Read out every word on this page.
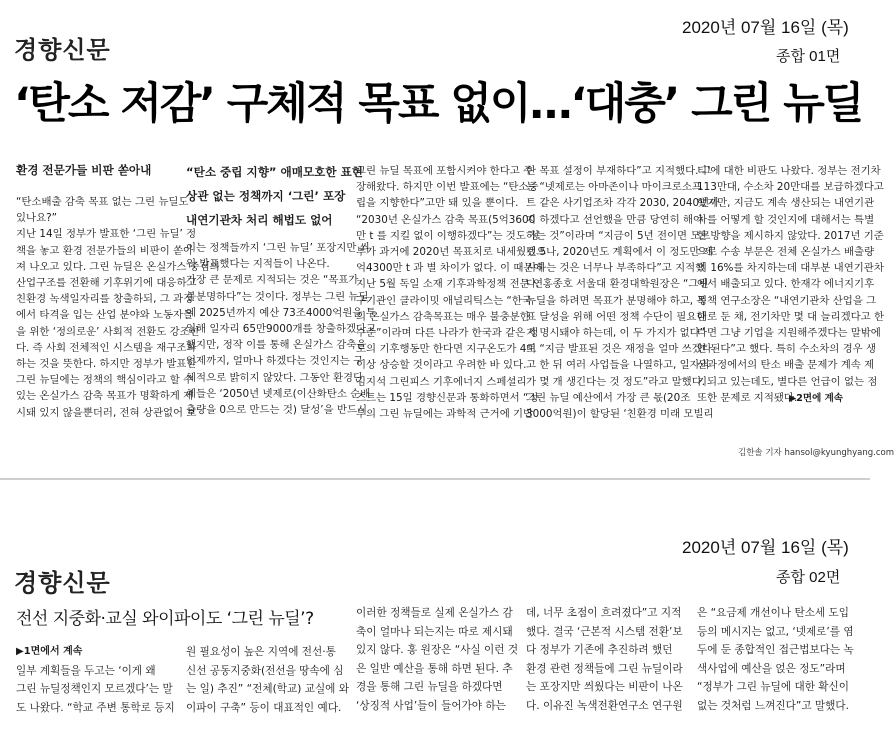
2020년 07월 16일 (목)
경향신문	종합 01면
‘탄소 저감’ 구체적 목표 없이…‘대충’ 그린 뉴딜

환경 전문가들 비판 쏟아내

“탄소배출 감축 목표 없는 그린 뉴딜도

있나요?”

지난 14일 정부가 발표한 ‘그린 뉴딜’ 정

책을 놓고 환경 전문가들의 비판이 쏟아

져 나오고 있다. 그린 뉴딜은 온실가스 중심의

산업구조를 전환해 기후위기에 대응하고

친환경 녹색일자리를 창출하되, 그 과정

에서 타격을 입는 산업 분야와 노동자들

을 위한 ‘정의로운’ 사회적 전환도 강조한

다. 즉 사회 전체적인 시스템을 재구조화

하는 것을 뜻한다. 하지만 정부가 발표한

그린 뉴딜에는 정책의 핵심이라고 할 수

있는 온실가스 감축 목표가 명확하게 제

시돼 있지 않을뿐더러, 전혀 상관없어 보

“탄소 중립 지향” 애매모호한 표현

상관 없는 정책까지 ‘그린’ 포장

내연기관차 처리 해법도 없어

이는 정책들까지 ‘그린 뉴딜’ 포장지만 씌

워 발표했다는 지적들이 나온다.

가장 큰 문제로 지적되는 것은 “목표가

불분명하다”는 것이다. 정부는 그린 뉴딜

에 2025년까지 예산 73조4000억원을 투

입해 일자리 65만9000개를 창출하겠다고

했지만, 정작 이를 통해 온실가스 감축을

언제까지, 얼마나 하겠다는 것인지는 구

체적으로 밝히지 않았다. 그동안 환경단

체들은 ‘2050년 넷제로(이산화탄소 순배

출량을 0으로 만드는 것) 달성’을 반드시

그린 뉴딜 목표에 포함시켜야 한다고 주

장해왔다. 하지만 이번 발표에는 “탄소중

립을 지향한다”고만 돼 있을 뿐이다.

“2030년 온실가스 감축 목표(5억3600

만 t 를 지킬 없이 이행하겠다”는 것도 정

부가 과거에 2020년 목표치로 내세웠던 5

억4300만 t 과 별 차이가 없다. 이 때문에

지난 5월 독일 소재 기후과학정책 전문 연

구기관인 클라이밋 애널리틱스는 “한국

의 온실가스 감축목표는 매우 불충분한

수준”이라며 다른 나라가 한국과 같은 정

도의 기후행동만 한다면 지구온도가 4도

이상 상승할 것이라고 우려한 바 있다.

김지석 그린피스 기후에너지 스페셜리

스트는 15일 경향신문과 통화하면서 “정

부의 그린 뉴딜에는 과학적 근거에 기반

한 목표 설정이 부재하다”고 지적했다. 그

는 “넷제로는 아마존이나 마이크로소프

트 같은 사기업조차 각각 2030, 2040년까

지 하겠다고 선언했을 만큼 당연히 해야

하는 것”이라며 “지금이 5년 전이면 모르

겠으나, 2020년도 계획에서 이 정도만 제

시하는 것은 너무나 부족하다”고 지적했

다. 홍종호 서울대 환경대학원장은 “그린

뉴딜을 하려면 목표가 분명해야 하고, 목

표 달성을 위해 어떤 정책 수단이 필요한

지 명시돼야 하는데, 이 두 가지가 없다”

며 “지금 발표된 것은 재정을 얼마 쓰겠다

고 한 뒤 여러 사업들을 나열하고, 일자리

가 몇 개 생긴다는 것 정도”라고 말했다.

그린 뉴딜 예산에서 가장 큰 몫(20조

3000억원)이 할당된 ‘친환경 미래 모빌리

티’에 대한 비판도 나왔다. 정부는 전기차

113만대, 수소차 20만대를 보급하겠다고

했지만, 지금도 계속 생산되는 내연기관

차를 어떻게 할 것인지에 대해서는 특별

한 방향을 제시하지 않았다. 2017년 기준

으로 수송 부문은 전체 온실가스 배출량

의 16%를 차지하는데 대부분 내연기관차

에서 배출되고 있다. 한재각 에너지기후

정책 연구소장은 “내연기관차 산업을 그

대로 둔 채, 전기차만 몇 대 늘리겠다고 한

다면 그냥 기업을 지원해주겠다는 말밖에

안 된다”고 했다. 특히 수소차의 경우 생

산과정에서의 탄소 배출 문제가 계속 제

기되고 있는데도, 별다른 언급이 없는 점

또한 문제로 지적됐다.

▶2면에 계속
김한솔 기자 hansol@kyunghyang.com
2020년 07월 16일 (목)
경향신문	종합 02면
전선 지중화·교실 와이파이도 ‘그린 뉴딜’?

▶1면에서 계속

일부 계획들을 두고는 ‘이게 왜

그린 뉴딜정책인지 모르겠다’는 말

도 나왔다. “학교 주변 통학로 등지

원 필요성이 높은 지역에 전선·통

신선 공동지중화(전선을 땅속에 심

는 일) 추진” “전체(학교) 교실에 와

이파이 구축” 등이 대표적인 예다.

이러한 정책들로 실제 온실가스 감

축이 얼마나 되는지는 따로 제시돼

있지 않다. 홍 원장은 “사실 이런 것

은 일반 예산을 통해 하면 된다. 추

경을 통해 그린 뉴딜을 하겠다면

‘상징적 사업’들이 들어가야 하는

데, 너무 초점이 흐려졌다”고 지적

했다. 결국 ‘근본적 시스템 전환’보

다 정부가 기존에 추진하려 했던

환경 관련 정책들에 그린 뉴딜이라

는 포장지만 씌웠다는 비판이 나온

다. 이유진 녹색전환연구소 연구원

은 “요금제 개선이나 탄소세 도입

등의 메시지는 없고, ‘넷제로’를 염

두에 둔 종합적인 접근법보다는 녹

색사업에 예산을 얹은 정도”라며

“정부가 그린 뉴딜에 대한 확신이

없는 것처럼 느껴진다”고 말했다.
